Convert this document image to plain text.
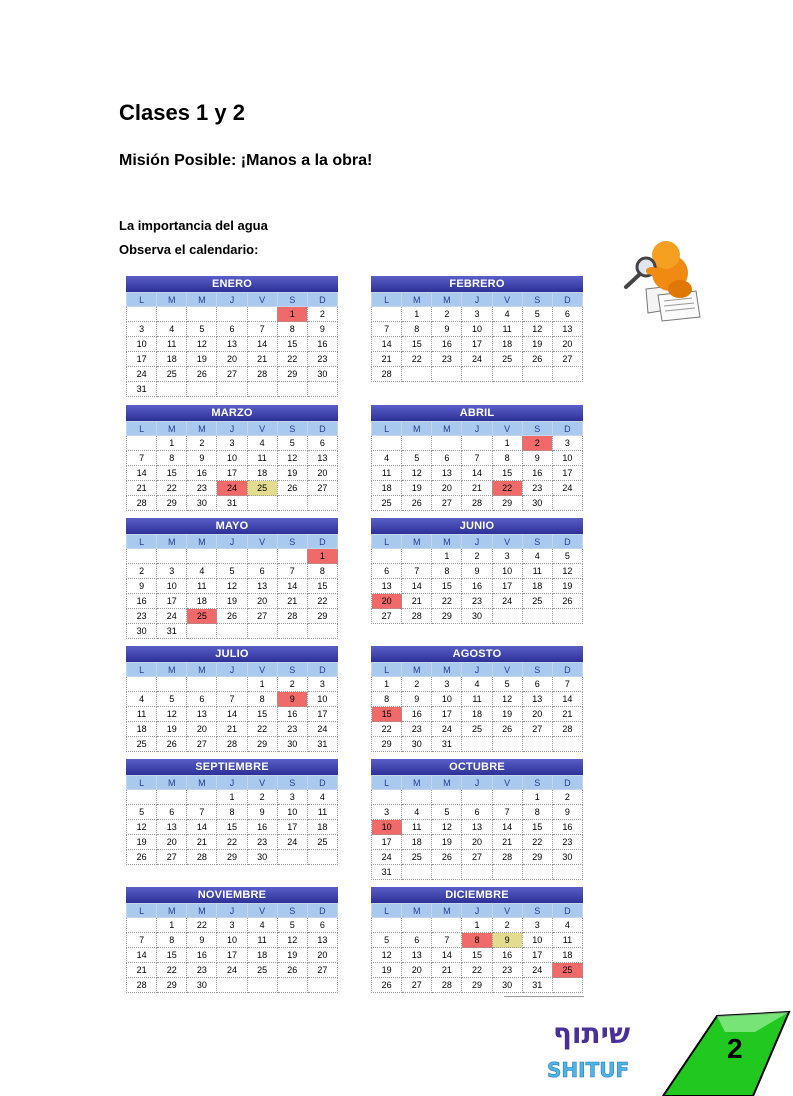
Clases 1 y 2
Misión Posible: ¡Manos a la obra!
La importancia del agua
Observa el calendario:
ENERO
L	M	M	J	V	S	D
					1	2
3	4	5	6	7	8	9
10	11	12	13	14	15	16
17	18	19	20	21	22	23
24	25	26	27	28	29	30
31						
FEBRERO
L	M	M	J	V	S	D
	1	2	3	4	5	6
7	8	9	10	11	12	13
14	15	16	17	18	19	20
21	22	23	24	25	26	27
28						
MARZO
L	M	M	J	V	S	D
	1	2	3	4	5	6
7	8	9	10	11	12	13
14	15	16	17	18	19	20
21	22	23	24	25	26	27
28	29	30	31			
ABRIL
L	M	M	J	V	S	D
				1	2	3
4	5	6	7	8	9	10
11	12	13	14	15	16	17
18	19	20	21	22	23	24
25	26	27	28	29	30	
MAYO
L	M	M	J	V	S	D
						1
2	3	4	5	6	7	8
9	10	11	12	13	14	15
16	17	18	19	20	21	22
23	24	25	26	27	28	29
30	31					
JUNIO
L	M	M	J	V	S	D
		1	2	3	4	5
6	7	8	9	10	11	12
13	14	15	16	17	18	19
20	21	22	23	24	25	26
27	28	29	30			
JULIO
L	M	M	J	V	S	D
				1	2	3
4	5	6	7	8	9	10
11	12	13	14	15	16	17
18	19	20	21	22	23	24
25	26	27	28	29	30	31
AGOSTO
L	M	M	J	V	S	D
1	2	3	4	5	6	7
8	9	10	11	12	13	14
15	16	17	18	19	20	21
22	23	24	25	26	27	28
29	30	31				
SEPTIEMBRE
L	M	M	J	V	S	D
			1	2	3	4
5	6	7	8	9	10	11
12	13	14	15	16	17	18
19	20	21	22	23	24	25
26	27	28	29	30		
OCTUBRE
L	M	M	J	V	S	D
					1	2
3	4	5	6	7	8	9
10	11	12	13	14	15	16
17	18	19	20	21	22	23
24	25	26	27	28	29	30
31						
NOVIEMBRE
L	M	M	J	V	S	D
	1	22	3	4	5	6
7	8	9	10	11	12	13
14	15	16	17	18	19	20
21	22	23	24	25	26	27
28	29	30				
DICIEMBRE
L	M	M	J	V	S	D
			1	2	3	4
5	6	7	8	9	10	11
12	13	14	15	16	17	18
19	20	21	22	23	24	25
26	27	28	29	30	31	
שיתוף
SHITUF
2
